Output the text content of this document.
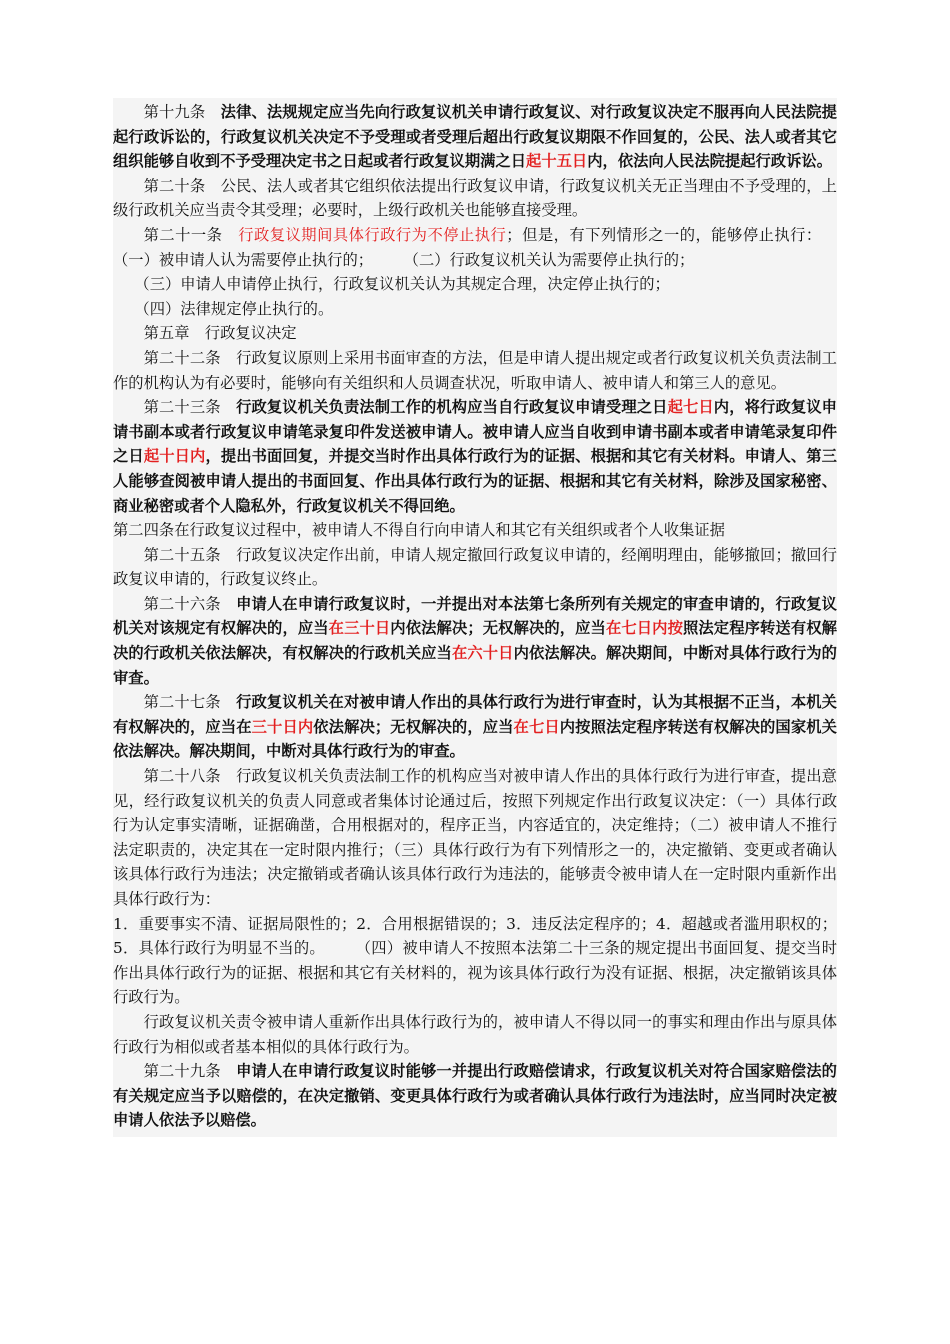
第十九条 法律、法规规定应当先向行政复议机关申请行政复议、对行政复议决定不服再向人民法院提起行政诉讼的，行政复议机关决定不予受理或者受理后超出行政复议期限不作回复的，公民、法人或者其它组织能够自收到不予受理决定书之日起或者行政复议期满之日起十五日内，依法向人民法院提起行政诉讼。

第二十条 公民、法人或者其它组织依法提出行政复议申请，行政复议机关无正当理由不予受理的，上级行政机关应当责令其受理；必要时，上级行政机关也能够直接受理。

第二十一条 行政复议期间具体行政行为不停止执行；但是，有下列情形之一的，能够停止执行：（一）被申请人认为需要停止执行的； （二）行政复议机关认为需要停止执行的；

（三）申请人申请停止执行，行政复议机关认为其规定合理，决定停止执行的；

（四）法律规定停止执行的。

第五章 行政复议决定

第二十二条 行政复议原则上采用书面审查的方法，但是申请人提出规定或者行政复议机关负责法制工作的机构认为有必要时，能够向有关组织和人员调查状况，听取申请人、被申请人和第三人的意见。

第二十三条 行政复议机关负责法制工作的机构应当自行政复议申请受理之日起七日内，将行政复议申请书副本或者行政复议申请笔录复印件发送被申请人。被申请人应当自收到申请书副本或者申请笔录复印件之日起十日内，提出书面回复，并提交当时作出具体行政行为的证据、根据和其它有关材料。申请人、第三人能够查阅被申请人提出的书面回复、作出具体行政行为的证据、根据和其它有关材料，除涉及国家秘密、商业秘密或者个人隐私外，行政复议机关不得回绝。

第二四条在行政复议过程中，被申请人不得自行向申请人和其它有关组织或者个人收集证据

第二十五条 行政复议决定作出前，申请人规定撤回行政复议申请的，经阐明理由，能够撤回；撤回行政复议申请的，行政复议终止。

第二十六条 申请人在申请行政复议时，一并提出对本法第七条所列有关规定的审查申请的，行政复议机关对该规定有权解决的，应当在三十日内依法解决；无权解决的，应当在七日内按照法定程序转送有权解决的行政机关依法解决，有权解决的行政机关应当在六十日内依法解决。解决期间，中断对具体行政行为的审查。

第二十七条 行政复议机关在对被申请人作出的具体行政行为进行审查时，认为其根据不正当，本机关有权解决的，应当在三十日内依法解决；无权解决的，应当在七日内按照法定程序转送有权解决的国家机关依法解决。解决期间，中断对具体行政行为的审查。

第二十八条 行政复议机关负责法制工作的机构应当对被申请人作出的具体行政行为进行审查，提出意见，经行政复议机关的负责人同意或者集体讨论通过后，按照下列规定作出行政复议决定：（一）具体行政行为认定事实清晰，证据确凿，合用根据对的，程序正当，内容适宜的，决定维持；（二）被申请人不推行法定职责的，决定其在一定时限内推行；（三）具体行政行为有下列情形之一的，决定撤销、变更或者确认该具体行政行为违法；决定撤销或者确认该具体行政行为违法的，能够责令被申请人在一定时限内重新作出具体行政行为：

1．重要事实不清、证据局限性的；2．合用根据错误的；3．违反法定程序的；4．超越或者滥用职权的；5．具体行政行为明显不当的。 （四）被申请人不按照本法第二十三条的规定提出书面回复、提交当时作出具体行政行为的证据、根据和其它有关材料的，视为该具体行政行为没有证据、根据，决定撤销该具体行政行为。

行政复议机关责令被申请人重新作出具体行政行为的，被申请人不得以同一的事实和理由作出与原具体行政行为相似或者基本相似的具体行政行为。

第二十九条 申请人在申请行政复议时能够一并提出行政赔偿请求，行政复议机关对符合国家赔偿法的有关规定应当予以赔偿的，在决定撤销、变更具体行政行为或者确认具体行政行为违法时，应当同时决定被申请人依法予以赔偿。
